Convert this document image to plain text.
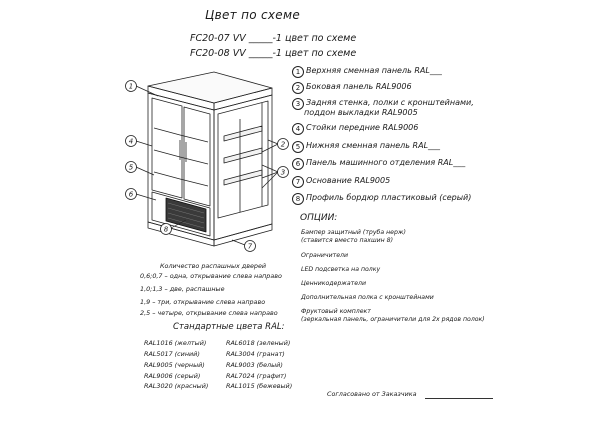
Цвет по схеме
FC20-07 VV _____-1 цвет по схеме
FC20-08 VV _____-1 цвет по схеме
1
4
5
6
8
7
2
3
1 Верхняя сменная панель RAL___
2 Боковая панель RAL9006
3 Задняя стенка, полки с кронштейнами,
поддон выкладки RAL9005
4 Стойки передние RAL9006
5 Нижняя сменная панель RAL___
6 Панель машинного отделения RAL___
7 Основание RAL9005
8 Профиль бордюр пластиковый (серый)
ОПЦИИ:
Бампер защитный (труба нерж)
(ставится вместо пахшин 8)
Ограничители
LED подсветка на полку
Ценникодержатели
Дополнительная полка с кронштейнами
Фруктовый комплект
(зеркальная панель, ограничители для 2х рядов полок)
Количество распашных дверей
0,6;0,7 – одна, открывание слева направо
1,0;1,3 – две, распашные
1,9 – три, открывание слева направо
2,5 – четыре, открывание слева направо
Стандартные цвета RAL:
RAL1016 (желтый)
RAL5017 (синий)
RAL9005 (черный)
RAL9006 (серый)
RAL3020 (красный)
RAL6018 (зеленый)
RAL3004 (гранат)
RAL9003 (белый)
RAL7024 (графит)
RAL1015 (бежевый)
Согласовано от Заказчика
